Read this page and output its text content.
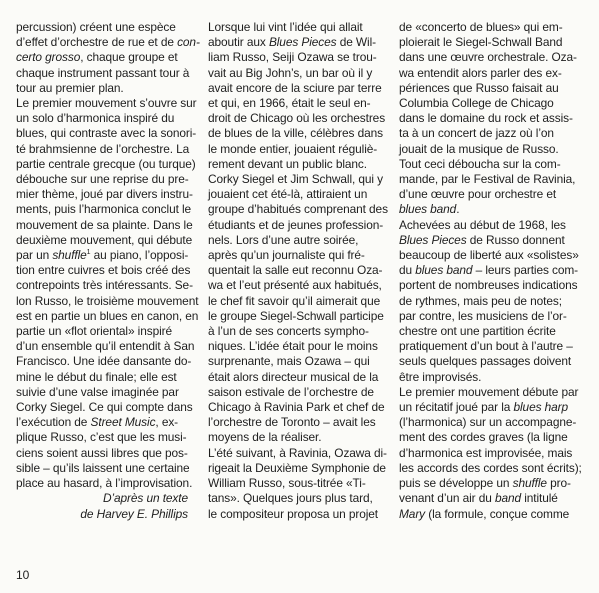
percussion) créent une espèce

d’effet d’orchestre de rue et de con-

certo grosso, chaque groupe et

chaque instrument passant tour à

tour au premier plan.

Le premier mouvement s’ouvre sur

un solo d’harmonica inspiré du

blues, qui contraste avec la sonori-

té brahmsienne de l’orchestre. La

partie centrale grecque (ou turque)

débouche sur une reprise du pre-

mier thème, joué par divers instru-

ments, puis l’harmonica conclut le

mouvement de sa plainte. Dans le

deuxième mouvement, qui débute

par un shuffle$^1$ au piano, l’opposi-

tion entre cuivres et bois créé des

contrepoints très intéressants. Se-

lon Russo, le troisième mouvement

est en partie un blues en canon, en

partie un «flot oriental» inspiré

d’un ensemble qu’il entendit à San

Francisco. Une idée dansante do-

mine le début du finale; elle est

suivie d’une valse imaginée par

Corky Siegel. Ce qui compte dans

l’exécution de Street Music, ex-

plique Russo, c’est que les musi-

ciens soient aussi libres que pos-

sible – qu’ils laissent une certaine

place au hasard, à l’improvisation.

D’après un texte

de Harvey E. Phillips

Lorsque lui vint l’idée qui allait

aboutir aux Blues Pieces de Wil-

liam Russo, Seiji Ozawa se trou-

vait au Big John’s, un bar où il y

avait encore de la sciure par terre

et qui, en 1966, était le seul en-

droit de Chicago où les orchestres

de blues de la ville, célèbres dans

le monde entier, jouaient réguliè-

rement devant un public blanc.

Corky Siegel et Jim Schwall, qui y

jouaient cet été-là, attiraient un

groupe d’habitués comprenant des

étudiants et de jeunes profession-

nels. Lors d’une autre soirée,

après qu’un journaliste qui fré-

quentait la salle eut reconnu Oza-

wa et l’eut présenté aux habitués,

le chef fit savoir qu’il aimerait que

le groupe Siegel-Schwall participe

à l’un de ses concerts sympho-

niques. L’idée était pour le moins

surprenante, mais Ozawa – qui

était alors directeur musical de la

saison estivale de l’orchestre de

Chicago à Ravinia Park et chef de

l’orchestre de Toronto – avait les

moyens de la réaliser.

L’été suivant, à Ravinia, Ozawa di-

rigeait la Deuxième Symphonie de

William Russo, sous-titrée «Ti-

tans». Quelques jours plus tard,

le compositeur proposa un projet

de «concerto de blues» qui em-

ploierait le Siegel-Schwall Band

dans une œuvre orchestrale. Oza-

wa entendit alors parler des ex-

périences que Russo faisait au

Columbia College de Chicago

dans le domaine du rock et assis-

ta à un concert de jazz où l’on

jouait de la musique de Russo.

Tout ceci déboucha sur la com-

mande, par le Festival de Ravinia,

d’une œuvre pour orchestre et

blues band.

Achevées au début de 1968, les

Blues Pieces de Russo donnent

beaucoup de liberté aux «solistes»

du blues band – leurs parties com-

portent de nombreuses indications

de rythmes, mais peu de notes;

par contre, les musiciens de l’or-

chestre ont une partition écrite

pratiquement d’un bout à l’autre –

seuls quelques passages doivent

être improvisés.

Le premier mouvement débute par

un récitatif joué par la blues harp

(l’harmonica) sur un accompagne-

ment des cordes graves (la ligne

d’harmonica est improvisée, mais

les accords des cordes sont écrits);

puis se développe un shuffle pro-

venant d’un air du band intitulé

Mary (la formule, conçue comme

10
